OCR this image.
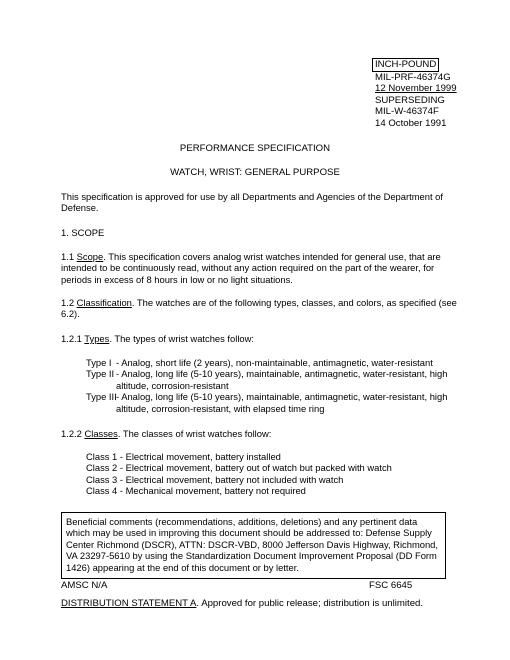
INCH-POUND
MIL-PRF-46374G
12 November 1999
SUPERSEDING
MIL-W-46374F
14 October 1991
PERFORMANCE SPECIFICATION
WATCH, WRIST: GENERAL PURPOSE
This specification is approved for use by all Departments and Agencies of the Department of Defense.
1. SCOPE
1.1 Scope. This specification covers analog wrist watches intended for general use, that are intended to be continuously read, without any action required on the part of the wearer, for periods in excess of 8 hours in low or no light situations.
1.2 Classification. The watches are of the following types, classes, and colors, as specified (see 6.2).
1.2.1 Types. The types of wrist watches follow:
Type I - Analog, short life (2 years), non-maintainable, antimagnetic, water-resistant
Type II - Analog, long life (5-10 years), maintainable, antimagnetic, water-resistant, high altitude, corrosion-resistant
Type III - Analog, long life (5-10 years), maintainable, antimagnetic, water-resistant, high altitude, corrosion-resistant, with elapsed time ring
1.2.2 Classes. The classes of wrist watches follow:
Class 1 - Electrical movement, battery installed
Class 2 - Electrical movement, battery out of watch but packed with watch
Class 3 - Electrical movement, battery not included with watch
Class 4 - Mechanical movement, battery not required
Beneficial comments (recommendations, additions, deletions) and any pertinent data which may be used in improving this document should be addressed to: Defense Supply Center Richmond (DSCR), ATTN: DSCR-VBD, 8000 Jefferson Davis Highway, Richmond, VA 23297-5610 by using the Standardization Document Improvement Proposal (DD Form 1426) appearing at the end of this document or by letter.
AMSC N/A	FSC 6645
DISTRIBUTION STATEMENT A. Approved for public release; distribution is unlimited.
